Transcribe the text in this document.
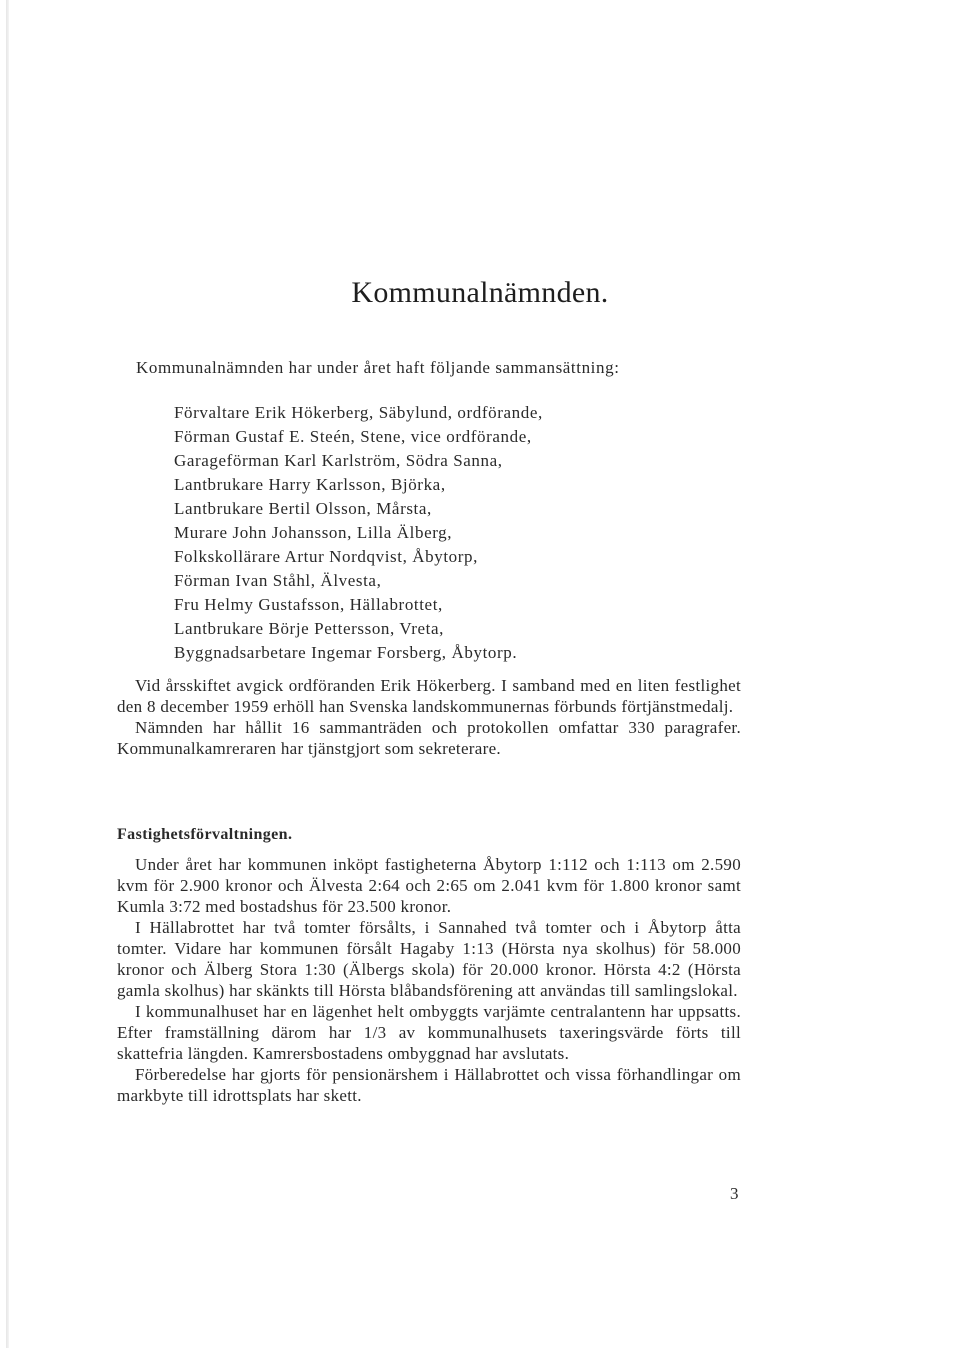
Kommunalnämnden.
Kommunalnämnden har under året haft följande sammansättning:
Förvaltare Erik Hökerberg, Säbylund, ordförande,
Förman Gustaf E. Steén, Stene, vice ordförande,
Garageförman Karl Karlström, Södra Sanna,
Lantbrukare Harry Karlsson, Björka,
Lantbrukare Bertil Olsson, Mårsta,
Murare John Johansson, Lilla Älberg,
Folkskollärare Artur Nordqvist, Åbytorp,
Förman Ivan Ståhl, Älvesta,
Fru Helmy Gustafsson, Hällabrottet,
Lantbrukare Börje Pettersson, Vreta,
Byggnadsarbetare Ingemar Forsberg, Åbytorp.

Vid årsskiftet avgick ordföranden Erik Hökerberg. I samband med en liten festlighet den 8 december 1959 erhöll han Svenska landskommunernas förbunds förtjänstmedalj.

Nämnden har hållit 16 sammanträden och protokollen omfattar 330 paragrafer. Kommunalkamreraren har tjänstgjort som sekreterare.

Fastighetsförvaltningen.

Under året har kommunen inköpt fastigheterna Åbytorp 1:112 och 1:113 om 2.590 kvm för 2.900 kronor och Älvesta 2:64 och 2:65 om 2.041 kvm för 1.800 kronor samt Kumla 3:72 med bostadshus för 23.500 kronor.

I Hällabrottet har två tomter försålts, i Sannahed två tomter och i Åbytorp åtta tomter. Vidare har kommunen försålt Hagaby 1:13 (Hörsta nya skolhus) för 58.000 kronor och Älberg Stora 1:30 (Älbergs skola) för 20.000 kronor. Hörsta 4:2 (Hörsta gamla skolhus) har skänkts till Hörsta blåbandsförening att användas till samlingslokal.

I kommunalhuset har en lägenhet helt ombyggts varjämte centralantenn har uppsatts. Efter framställning därom har 1/3 av kommunalhusets taxeringsvärde förts till skattefria längden. Kamrersbostadens ombyggnad har avslutats.

Förberedelse har gjorts för pensionärshem i Hällabrottet och vissa förhandlingar om markbyte till idrottsplats har skett.

3
